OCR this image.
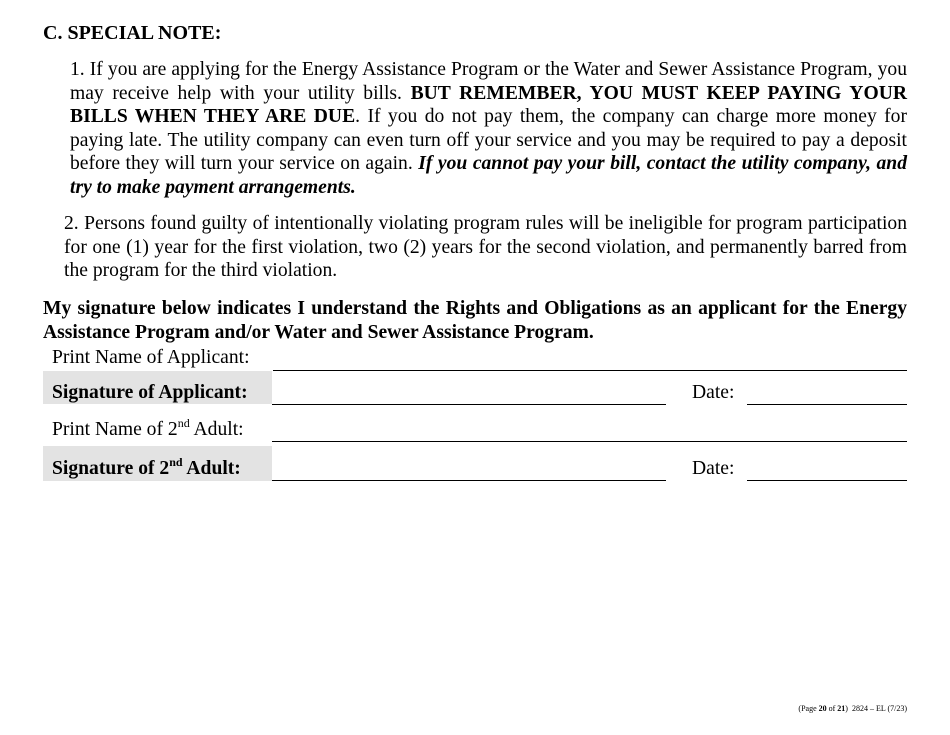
C. SPECIAL NOTE:
1. If you are applying for the Energy Assistance Program or the Water and Sewer Assistance Program, you may receive help with your utility bills. BUT REMEMBER, YOU MUST KEEP PAYING YOUR BILLS WHEN THEY ARE DUE. If you do not pay them, the company can charge more money for paying late. The utility company can even turn off your service and you may be required to pay a deposit before they will turn your service on again. If you cannot pay your bill, contact the utility company, and try to make payment arrangements.
2. Persons found guilty of intentionally violating program rules will be ineligible for program participation for one (1) year for the first violation, two (2) years for the second violation, and permanently barred from the program for the third violation.
My signature below indicates I understand the Rights and Obligations as an applicant for the Energy Assistance Program and/or Water and Sewer Assistance Program.
Print Name of Applicant:
Signature of Applicant:	Date:
Print Name of 2nd Adult:
Signature of 2nd Adult:	Date:
(Page 20 of 21) 2824 – EL (7/23)
